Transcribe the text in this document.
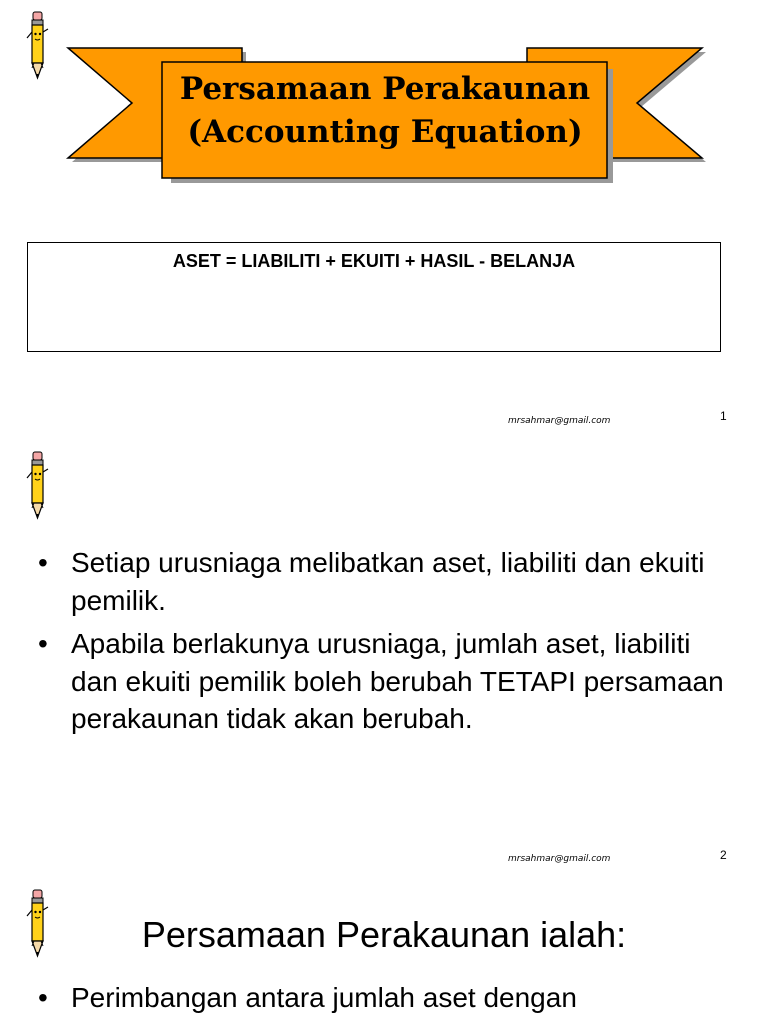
Persamaan Perakaunan
(Accounting Equation)
ASET = LIABILITI + EKUITI + HASIL - BELANJA
mrsahmar@gmail.com	1
• Setiap urusniaga melibatkan aset, liabiliti dan ekuiti pemilik.
• Apabila berlakunya urusniaga, jumlah aset, liabiliti dan ekuiti pemilik boleh berubah TETAPI persamaan perakaunan tidak akan berubah.
mrsahmar@gmail.com	2
Persamaan Perakaunan ialah:
• Perimbangan antara jumlah aset dengan
